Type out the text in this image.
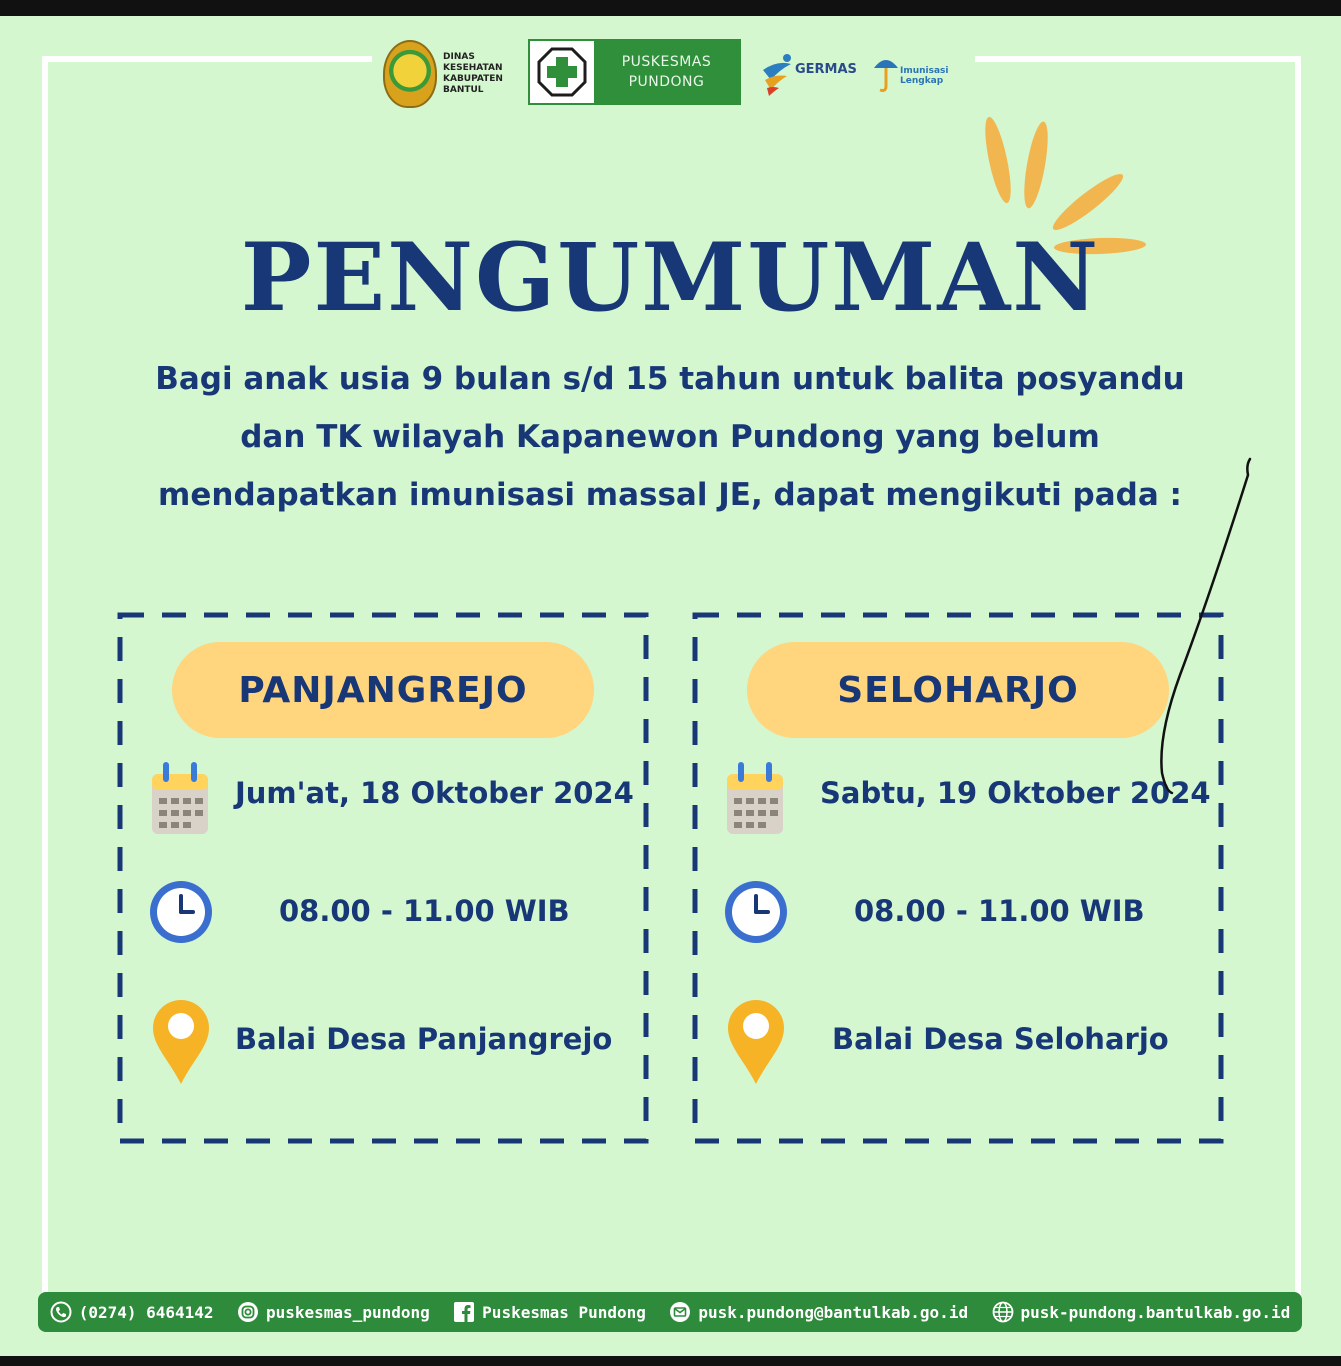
DINAS
KESEHATAN
KABUPATEN
BANTUL
PUSKESMAS
PUNDONG
GERMAS	Imunisasi
Lengkap
PENGUMUMAN
Bagi anak usia 9 bulan s/d 15 tahun untuk balita posyandu
dan TK wilayah Kapanewon Pundong yang belum
mendapatkan imunisasi massal JE, dapat mengikuti pada :
PANJANGREJO
Jum'at, 18 Oktober 2024
08.00 - 11.00 WIB
Balai Desa Panjangrejo
SELOHARJO
Sabtu, 19 Oktober 2024
08.00 - 11.00 WIB
Balai Desa Seloharjo
(0274) 6464142	puskesmas_pundong	Puskesmas Pundong	pusk.pundong@bantulkab.go.id	pusk-pundong.bantulkab.go.id
